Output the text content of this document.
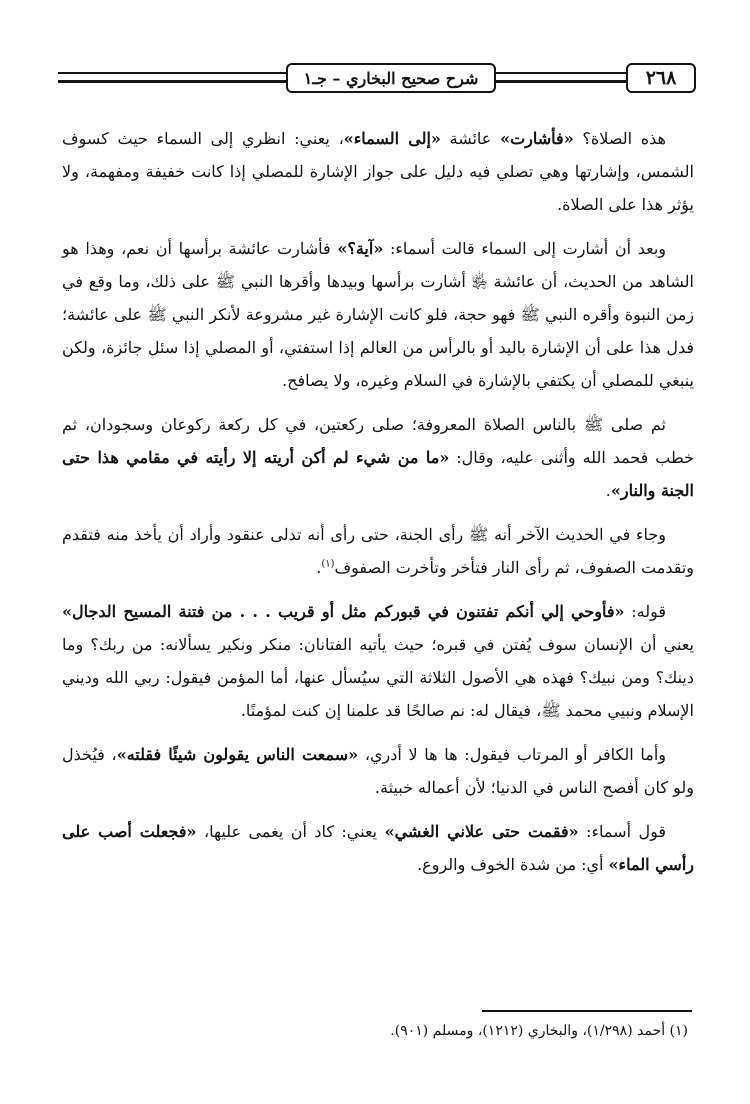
٢٦٨
شرح صحيح البخاري – جـ١

هذه الصلاة؟ «فأشارت» عائشة «إلى السماء»، يعني: انظري إلى السماء حيث كسوف الشمس، وإشارتها وهي تصلي فيه دليل على جواز الإشارة للمصلي إذا كانت خفيفة ومفهمة، ولا يؤثر هذا على الصلاة.

وبعد أن أشارت إلى السماء قالت أسماء: «آية؟» فأشارت عائشة برأسها أن نعم، وهذا هو الشاهد من الحديث، أن عائشة ﵂ أشارت برأسها وبيدها وأقرها النبي ﷺ على ذلك، وما وقع في زمن النبوة وأقره النبي ﷺ فهو حجة، فلو كانت الإشارة غير مشروعة لأنكر النبي ﷺ على عائشة؛ فدل هذا على أن الإشارة باليد أو بالرأس من العالم إذا استفتي، أو المصلي إذا سئل جائزة، ولكن ينبغي للمصلي أن يكتفي بالإشارة في السلام وغيره، ولا يصافح.

ثم صلى ﷺ بالناس الصلاة المعروفة؛ صلى ركعتين، في كل ركعة ركوعان وسجودان، ثم خطب فحمد الله وأثنى عليه، وقال: «ما من شيء لم أكن أريته إلا رأيته في مقامي هذا حتى الجنة والنار».

وجاء في الحديث الآخر أنه ﷺ رأى الجنة، حتى رأى أنه تدلى عنقود وأراد أن يأخذ منه فتقدم وتقدمت الصفوف، ثم رأى النار فتأخر وتأخرت الصفوف$^{(١)}$.

قوله: «فأوحي إلي أنكم تفتنون في قبوركم مثل أو قريب . . . من فتنة المسيح الدجال» يعني أن الإنسان سوف يُفتن في قبره؛ حيث يأتيه الفتانان: منكر ونكير يسألانه: من ربك؟ وما دينك؟ ومن نبيك؟ فهذه هي الأصول الثلاثة التي سيُسأل عنها، أما المؤمن فيقول: ربي الله وديني الإسلام ونبيي محمد ﷺ، فيقال له: نم صالحًا قد علمنا إن كنت لمؤمنًا.

وأما الكافر أو المرتاب فيقول: ها ها لا أدري، «سمعت الناس يقولون شيئًا فقلته»، فيُخذل ولو كان أفصح الناس في الدنيا؛ لأن أعماله خبيثة.

قول أسماء: «فقمت حتى علاني الغشي» يعني: كاد أن يغمى عليها، «فجعلت أصب على رأسي الماء» أي: من شدة الخوف والروع.

(١) أحمد (١/٢٩٨)، والبخاري (١٢١٢)، ومسلم (٩٠١).
